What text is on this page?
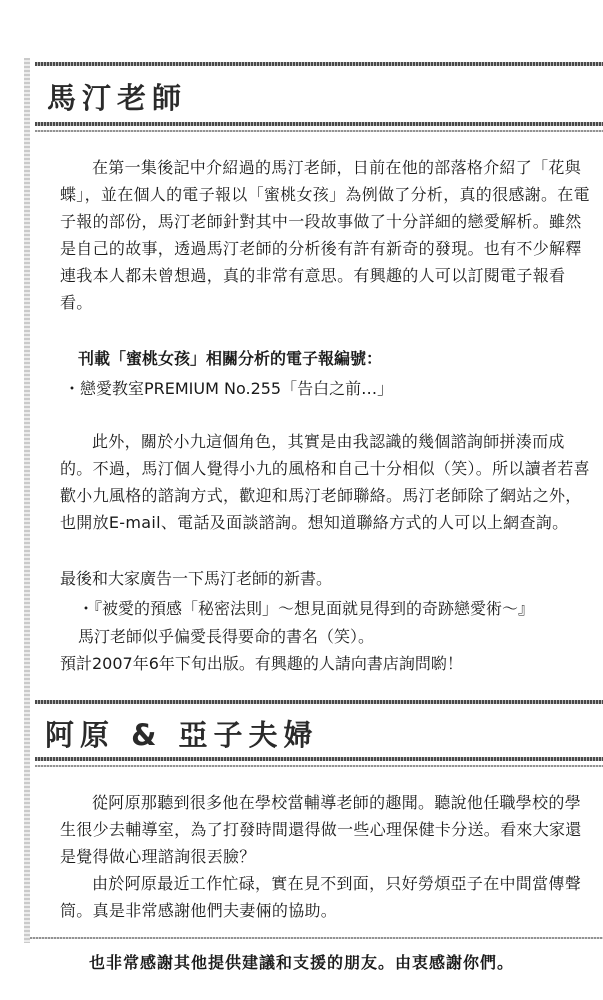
馬汀老師

在第一集後記中介紹過的馬汀老師，日前在他的部落格介紹了「花與蝶」，並在個人的電子報以「蜜桃女孩」為例做了分析，真的很感謝。在電子報的部份，馬汀老師針對其中一段故事做了十分詳細的戀愛解析。雖然是自己的故事，透過馬汀老師的分析後有許有新奇的發現。也有不少解釋連我本人都未曾想過，真的非常有意思。有興趣的人可以訂閱電子報看看。

刊載「蜜桃女孩」相關分析的電子報編號：
・戀愛教室PREMIUM No.255「告白之前…」

此外，關於小九這個角色，其實是由我認識的幾個諮詢師拼湊而成的。不過，馬汀個人覺得小九的風格和自己十分相似（笑）。所以讀者若喜歡小九風格的諮詢方式，歡迎和馬汀老師聯絡。馬汀老師除了網站之外，也開放E-mail、電話及面談諮詢。想知道聯絡方式的人可以上網查詢。

最後和大家廣告一下馬汀老師的新書。
・『被愛的預感「秘密法則」～想見面就見得到的奇跡戀愛術～』
馬汀老師似乎偏愛長得要命的書名（笑）。
預計2007年6年下旬出版。有興趣的人請向書店詢問喲！
阿原 & 亞子夫婦

從阿原那聽到很多他在學校當輔導老師的趣聞。聽說他任職學校的學生很少去輔導室，為了打發時間還得做一些心理保健卡分送。看來大家還是覺得做心理諮詢很丟臉？

由於阿原最近工作忙碌，實在見不到面，只好勞煩亞子在中間當傳聲筒。真是非常感謝他們夫妻倆的協助。

也非常感謝其他提供建議和支援的朋友。由衷感謝你們。
